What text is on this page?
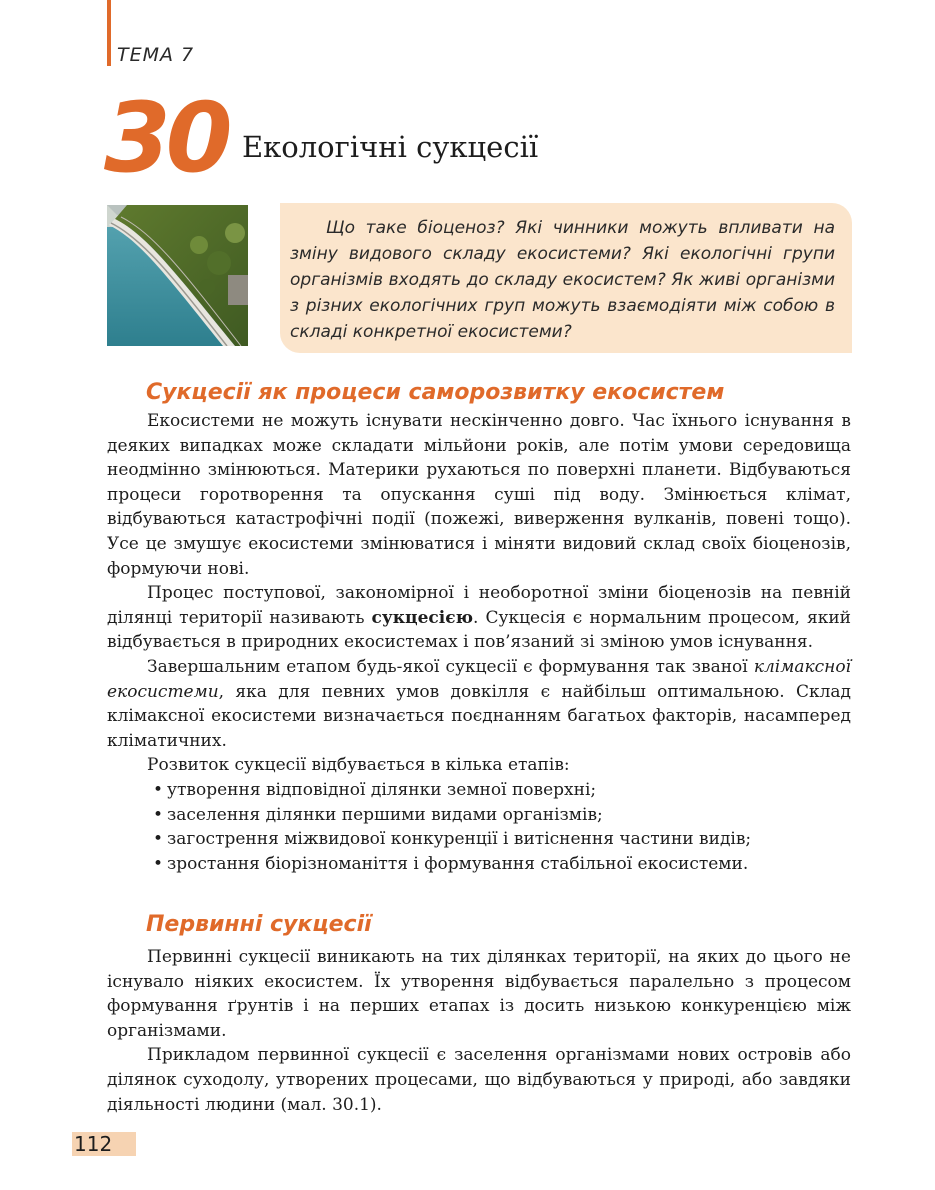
ТЕМА 7
30 Екологічні сукцесії

Що таке біоценоз? Які чинники можуть впливати на зміну видового складу екосистеми? Які екологічні групи організмів входять до складу екосистем? Як живі організми з різних екологічних груп можуть взаємодіяти між собою в складі конкретної екосистеми?

Сукцесії як процеси саморозвитку екосистем

Екосистеми не можуть існувати нескінченно довго. Час їхнього існування в деяких випадках може складати мільйони років, але потім умови середовища неодмінно змінюються. Материки рухаються по поверхні планети. Відбуваються процеси горотворення та опускання суші під воду. Змінюється клімат, відбуваються катастрофічні події (пожежі, виверження вулканів, повені тощо). Усе це змушує екосистеми змінюватися і міняти видовий склад своїх біоценозів, формуючи нові.

Процес поступової, закономірної і необоротної зміни біоценозів на певній ділянці території називають сукцесією. Сукцесія є нормальним процесом, який відбувається в природних екосистемах і пов’язаний зі зміною умов існування.

Завершальним етапом будь-якої сукцесії є формування так званої клімаксної екосистеми, яка для певних умов довкілля є найбільш оптимальною. Склад клімаксної екосистеми визначається поєднанням багатьох факторів, насамперед кліматичних.

Розвиток сукцесії відбувається в кілька етапів:

• утворення відповідної ділянки земної поверхні;
• заселення ділянки першими видами організмів;
• загострення міжвидової конкуренції і витіснення частини видів;
• зростання біорізноманіття і формування стабільної екосистеми.
Первинні сукцесії

Первинні сукцесії виникають на тих ділянках території, на яких до цього не існувало ніяких екосистем. Їх утворення відбувається паралельно з процесом формування ґрунтів і на перших етапах із досить низькою конкуренцією між організмами.

Прикладом первинної сукцесії є заселення організмами нових островів або ділянок суходолу, утворених процесами, що відбуваються у природі, або завдяки діяльності людини (мал. 30.1).

112
